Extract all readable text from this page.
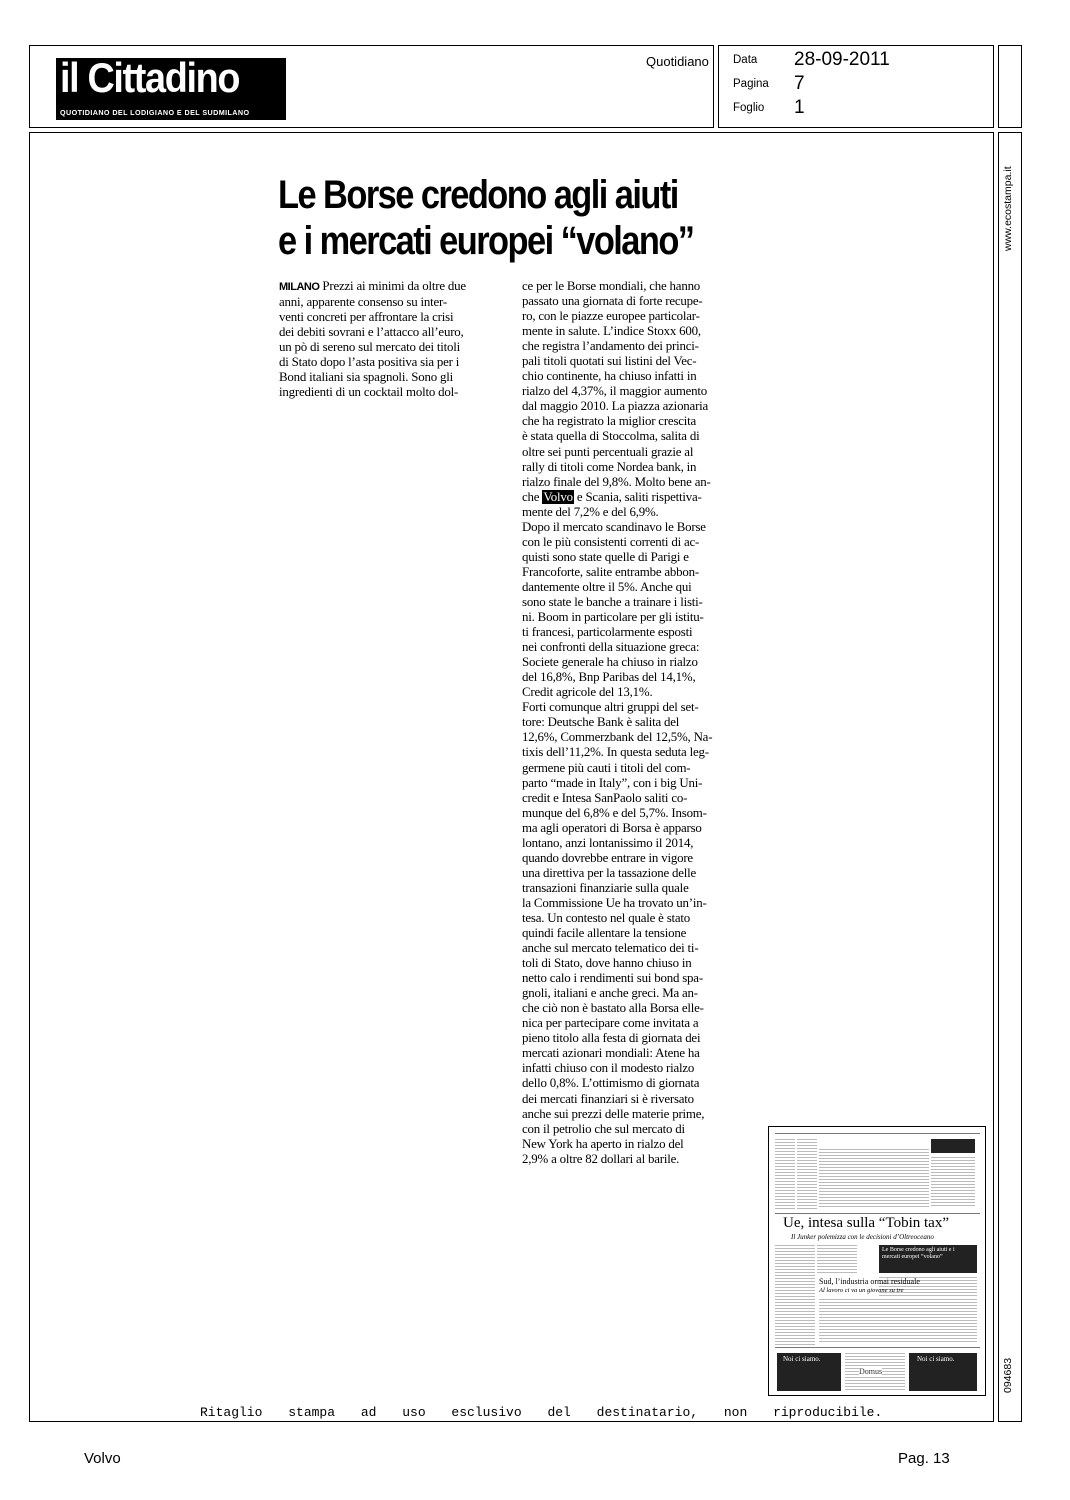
il Cittadino
QUOTIDIANO DEL LODIGIANO E DEL SUDMILANO
Quotidiano Data 28-09-2011
Pagina 7
Foglio 1
www.ecostampa.it
094683
Le Borse credono agli aiuti
e i mercati europei “volano”
MILANO Prezzi ai minimi da oltre due
anni, apparente consenso su inter-
venti concreti per affrontare la crisi
dei debiti sovrani e l’attacco all’euro,
un pò di sereno sul mercato dei titoli
di Stato dopo l’asta positiva sia per i
Bond italiani sia spagnoli. Sono gli
ingredienti di un cocktail molto dol-
ce per le Borse mondiali, che hanno
passato una giornata di forte recupe-
ro, con le piazze europee particolar-
mente in salute. L’indice Stoxx 600,
che registra l’andamento dei princi-
pali titoli quotati sui listini del Vec-
chio continente, ha chiuso infatti in
rialzo del 4,37%, il maggior aumento
dal maggio 2010. La piazza azionaria
che ha registrato la miglior crescita
è stata quella di Stoccolma, salita di
oltre sei punti percentuali grazie al
rally di titoli come Nordea bank, in
rialzo finale del 9,8%. Molto bene an-
che Volvo e Scania, saliti rispettiva-
mente del 7,2% e del 6,9%.
Dopo il mercato scandinavo le Borse
con le più consistenti correnti di ac-
quisti sono state quelle di Parigi e
Francoforte, salite entrambe abbon-
dantemente oltre il 5%. Anche qui
sono state le banche a trainare i listi-
ni. Boom in particolare per gli istitu-
ti francesi, particolarmente esposti
nei confronti della situazione greca:
Societe generale ha chiuso in rialzo
del 16,8%, Bnp Paribas del 14,1%,
Credit agricole del 13,1%.
Forti comunque altri gruppi del set-
tore: Deutsche Bank è salita del
12,6%, Commerzbank del 12,5%, Na-
tixis dell’11,2%. In questa seduta leg-
germene più cauti i titoli del com-
parto “made in Italy”, con i big Uni-
credit e Intesa SanPaolo saliti co-
munque del 6,8% e del 5,7%. Insom-
ma agli operatori di Borsa è apparso
lontano, anzi lontanissimo il 2014,
quando dovrebbe entrare in vigore
una direttiva per la tassazione delle
transazioni finanziarie sulla quale
la Commissione Ue ha trovato un’in-
tesa. Un contesto nel quale è stato
quindi facile allentare la tensione
anche sul mercato telematico dei ti-
toli di Stato, dove hanno chiuso in
netto calo i rendimenti sui bond spa-
gnoli, italiani e anche greci. Ma an-
che ciò non è bastato alla Borsa elle-
nica per partecipare come invitata a
pieno titolo alla festa di giornata dei
mercati azionari mondiali: Atene ha
infatti chiuso con il modesto rialzo
dello 0,8%. L’ottimismo di giornata
dei mercati finanziari si è riversato
anche sui prezzi delle materie prime,
con il petrolio che sul mercato di
New York ha aperto in rialzo del
2,9% a oltre 82 dollari al barile.
Ue, intesa sulla “Tobin tax”
Il Junker polemizza con le decisioni d’Oltreoceano
Le Borse credono agli aiuti e i mercati europei “volano”
Sud, l’industria ormai residuale
Al lavoro ci va un giovane su tre
Noi ci siamo.
Domus
Noi ci siamo.
Ritaglio stampa ad uso esclusivo del destinatario, non riproducibile.
Volvo	Pag. 13
